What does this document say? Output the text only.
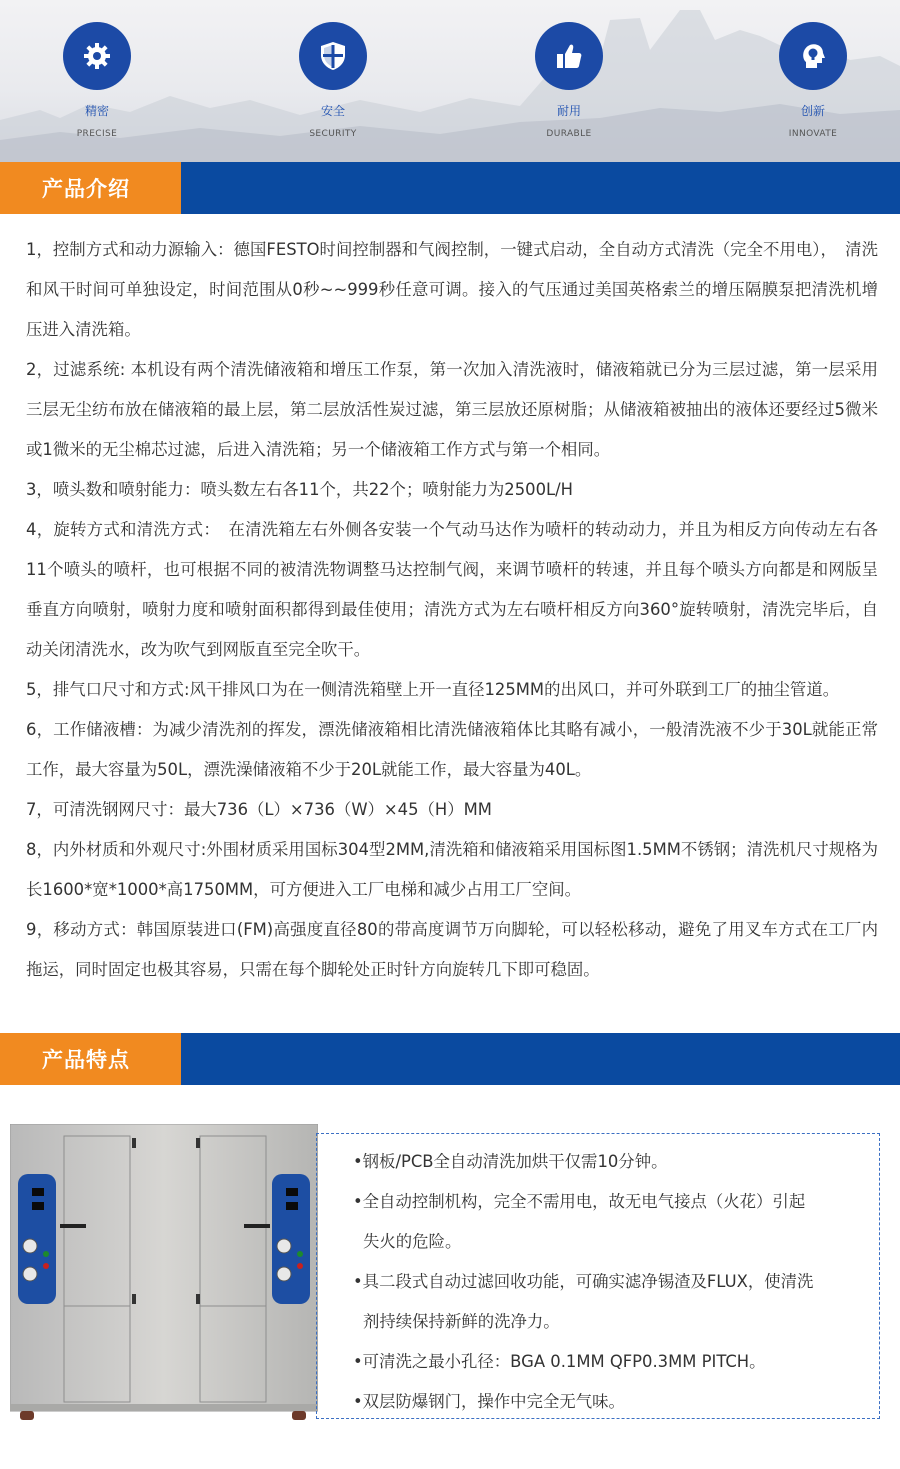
精密
PRECISE
安全
SECURITY
耐用
DURABLE
创新
INNOVATE
产品介绍

1，控制方式和动力源输入：德国FESTO时间控制器和气阀控制，一键式启动，全自动方式清洗（完全不用电），　清洗和风干时间可单独设定，时间范围从0秒~~999秒任意可调。接入的气压通过美国英格索兰的增压隔膜泵把清洗机增压进入清洗箱。

2，过滤系统: 本机设有两个清洗储液箱和增压工作泵，第一次加入清洗液时，储液箱就已分为三层过滤，第一层采用三层无尘纺布放在储液箱的最上层，第二层放活性炭过滤，第三层放还原树脂；从储液箱被抽出的液体还要经过5微米或1微米的无尘棉芯过滤，后进入清洗箱；另一个储液箱工作方式与第一个相同。

3，喷头数和喷射能力：喷头数左右各11个，共22个；喷射能力为2500L/H

4，旋转方式和清洗方式：　在清洗箱左右外侧各安装一个气动马达作为喷杆的转动动力，并且为相反方向传动左右各11个喷头的喷杆，也可根据不同的被清洗物调整马达控制气阀，来调节喷杆的转速，并且每个喷头方向都是和网版呈垂直方向喷射，喷射力度和喷射面积都得到最佳使用；清洗方式为左右喷杆相反方向360°旋转喷射，清洗完毕后，自动关闭清洗水，改为吹气到网版直至完全吹干。

5，排气口尺寸和方式:风干排风口为在一侧清洗箱壁上开一直径125MM的出风口，并可外联到工厂的抽尘管道。

6，工作储液槽：为减少清洗剂的挥发，漂洗储液箱相比清洗储液箱体比其略有减小，一般清洗液不少于30L就能正常工作，最大容量为50L，漂洗澡储液箱不少于20L就能工作，最大容量为40L。

7，可清洗钢网尺寸：最大736（L）×736（W）×45（H）MM

8，内外材质和外观尺寸:外围材质采用国标304型2MM,清洗箱和储液箱采用国标图1.5MM不锈钢；清洗机尺寸规格为长1600*宽*1000*高1750MM，可方便进入工厂电梯和减少占用工厂空间。

9，移动方式：韩国原装进口(FM)高强度直径80的带高度调节万向脚轮，可以轻松移动，避免了用叉车方式在工厂内拖运，同时固定也极其容易，只需在每个脚轮处正时针方向旋转几下即可稳固。

产品特点

•钢板/PCB全自动清洗加烘干仅需10分钟。

•全自动控制机构，完全不需用电，故无电气接点（火花）引起

失火的危险。

•具二段式自动过滤回收功能，可确实滤净锡渣及FLUX，使清洗

剂持续保持新鲜的洗净力。

•可清洗之最小孔径：BGA 0.1MM QFP0.3MM PITCH。

•双层防爆钢门，操作中完全无气味。
